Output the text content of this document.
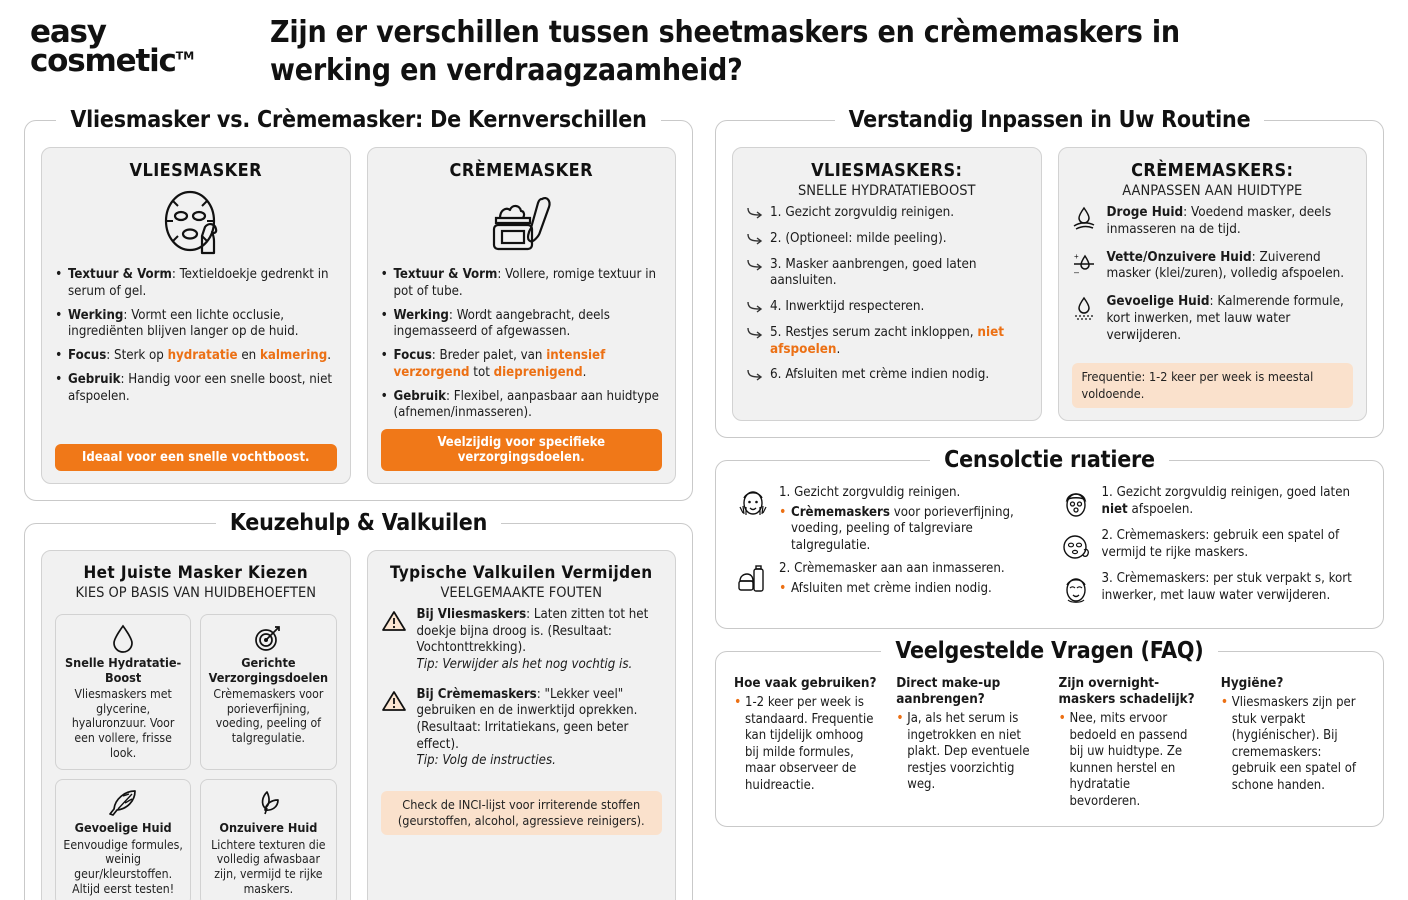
easy
cosmetic™
Zijn er verschillen tussen sheetmaskers en crèmemaskers in werking en verdraagzaamheid?
Vliesmasker vs. Crèmemasker: De Kernverschillen
VLIESMASKER
• Textuur & Vorm: Textieldoekje gedrenkt in serum of gel.
• Werking: Vormt een lichte occlusie, ingrediënten blijven langer op de huid.
• Focus: Sterk op hydratatie en kalmering.
• Gebruik: Handig voor een snelle boost, niet afspoelen.
Ideaal voor een snelle vochtboost.
CRÈMEMASKER
• Textuur & Vorm: Vollere, romige textuur in pot of tube.
• Werking: Wordt aangebracht, deels ingemasseerd of afgewassen.
• Focus: Breder palet, van intensief verzorgend tot dieprenigend.
• Gebruik: Flexibel, aanpasbaar aan huidtype (afnemen/inmasseren).
Veelzijdig voor specifieke verzorgingsdoelen.
Keuzehulp & Valkuilen
Het Juiste Masker Kiezen
KIES OP BASIS VAN HUIDBEHOEFTEN
Snelle Hydratatie-Boost
Vliesmaskers met glycerine, hyaluronzuur. Voor een vollere, frisse look.
Gerichte Verzorgingsdoelen
Crèmemaskers voor porieverfijning, voeding, peeling of talgregulatie.
Gevoelige Huid
Eenvoudige formules, weinig geur/kleurstoffen. Altijd eerst testen!
Onzuivere Huid
Lichtere texturen die volledig afwasbaar zijn, vermijd te rijke maskers.
Typische Valkuilen Vermijden
VEELGEMAAKTE FOUTEN
Bij Vliesmaskers: Laten zitten tot het doekje bijna droog is. (Resultaat: Vochtonttrekking).
Tip: Verwijder als het nog vochtig is.
Bij Crèmemaskers: "Lekker veel" gebruiken en de inwerktijd oprekken. (Resultaat: Irritatiekans, geen beter effect).
Tip: Volg de instructies.
Check de INCI-lijst voor irriterende stoffen (geurstoffen, alcohol, agressieve reinigers).
Verstandig Inpassen in Uw Routine
VLIESMASKERS:
SNELLE HYDRATATIEBOOST
1. Gezicht zorgvuldig reinigen.
2. (Optioneel: milde peeling).
3. Masker aanbrengen, goed laten aansluiten.
4. Inwerktijd respecteren.
5. Restjes serum zacht inkloppen, niet afspoelen.
6. Afsluiten met crème indien nodig.
CRÈMEMASKERS:
AANPASSEN AAN HUIDTYPE
Droge Huid: Voedend masker, deels inmasseren na de tijd.
+
–
Vette/Onzuivere Huid: Zuiverend masker (klei/zuren), volledig afspoelen.
Gevoelige Huid: Kalmerende formule, kort inwerken, met lauw water verwijderen.
Frequentie: 1-2 keer per week is meestal voldoende.
Censolctie rıatiere
1. Gezicht zorgvuldig reinigen.
• Crèmemaskers voor porieverfijning, voeding, peeling of talgreviare talgregulatie.
2. Crèmemasker aan aan inmasseren.
• Afsluiten met crème indien nodig.
1. Gezicht zorgvuldig reinigen, goed laten niet afspoelen.
2. Crèmemaskers: gebruik een spatel of vermijd te rijke maskers.
3. Crèmemaskers: per stuk verpakt s, kort inwerker, met lauw water verwijderen.
Veelgestelde Vragen (FAQ)
Hoe vaak gebruiken?

• 1-2 keer per week is standaard. Frequentie kan tijdelijk omhoog bij milde formules, maar observeer de huidreactie.

Direct make-up aanbrengen?

• Ja, als het serum is ingetrokken en niet plakt. Dep eventuele restjes voorzichtig weg.

Zijn overnight-maskers schadelijk?

• Nee, mits ervoor bedoeld en passend bij uw huidtype. Ze kunnen herstel en hydratatie bevorderen.

Hygiëne?

• Vliesmaskers zijn per stuk verpakt (hygiénischer). Bij crememaskers: gebruik een spatel of schone handen.
